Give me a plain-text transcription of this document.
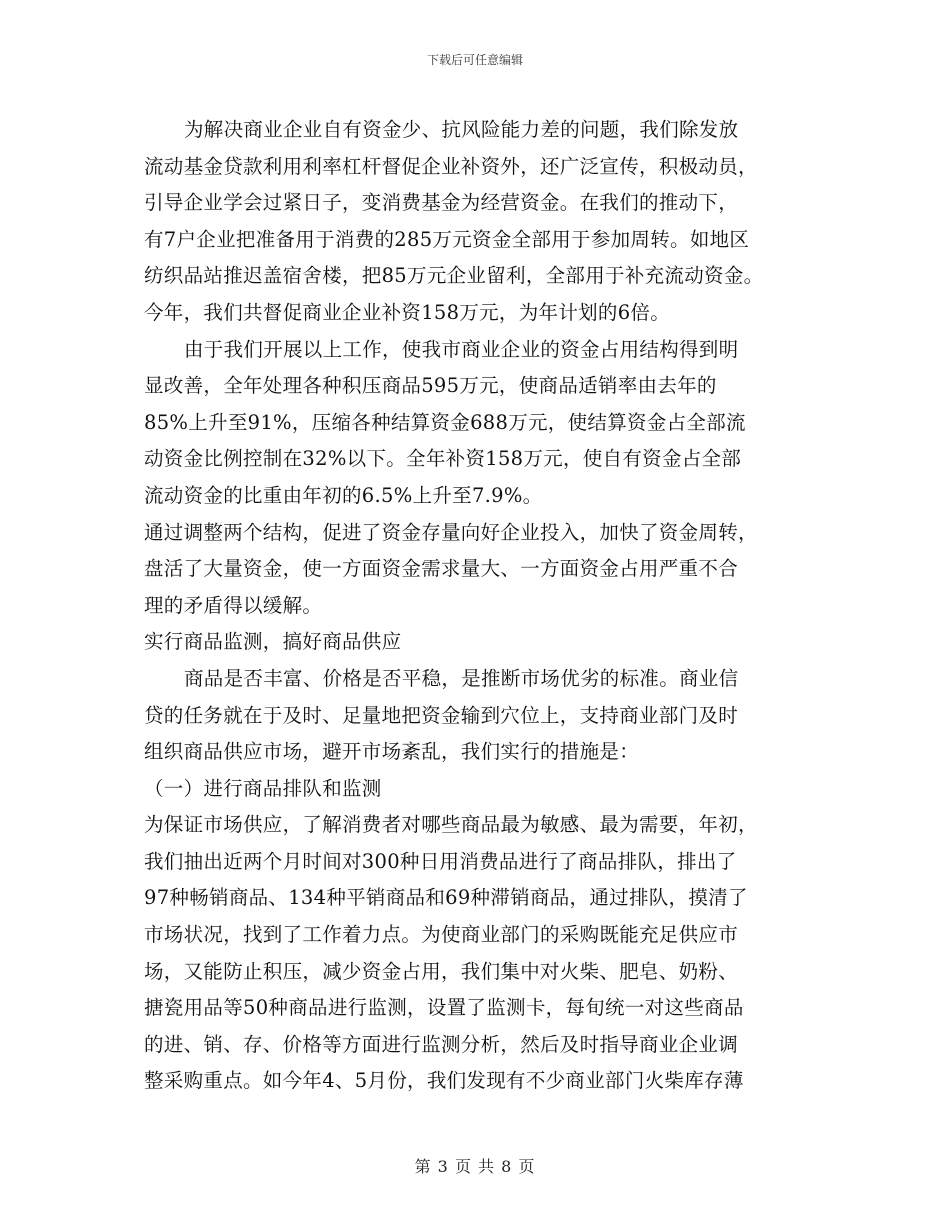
下载后可任意编辑
为解决商业企业自有资金少、抗风险能力差的问题，我们除发放
流动基金贷款利用利率杠杆督促企业补资外，还广泛宣传，积极动员，
引导企业学会过紧日子，变消费基金为经营资金。在我们的推动下，
有7户企业把准备用于消费的285万元资金全部用于参加周转。如地区
纺织品站推迟盖宿舍楼，把85万元企业留利，全部用于补充流动资金。
今年，我们共督促商业企业补资158万元，为年计划的6倍。
由于我们开展以上工作，使我市商业企业的资金占用结构得到明
显改善，全年处理各种积压商品595万元，使商品适销率由去年的
85%上升至91%，压缩各种结算资金688万元，使结算资金占全部流
动资金比例控制在32%以下。全年补资158万元，使自有资金占全部
流动资金的比重由年初的6.5%上升至7.9%。
通过调整两个结构，促进了资金存量向好企业投入，加快了资金周转，
盘活了大量资金，使一方面资金需求量大、一方面资金占用严重不合
理的矛盾得以缓解。
实行商品监测，搞好商品供应
商品是否丰富、价格是否平稳，是推断市场优劣的标准。商业信
贷的任务就在于及时、足量地把资金输到穴位上，支持商业部门及时
组织商品供应市场，避开市场紊乱，我们实行的措施是：
（一）进行商品排队和监测
为保证市场供应，了解消费者对哪些商品最为敏感、最为需要，年初，
我们抽出近两个月时间对300种日用消费品进行了商品排队，排出了
97种畅销商品、134种平销商品和69种滞销商品，通过排队，摸清了
市场状况，找到了工作着力点。为使商业部门的采购既能充足供应市
场，又能防止积压，减少资金占用，我们集中对火柴、肥皂、奶粉、
搪瓷用品等50种商品进行监测，设置了监测卡，每旬统一对这些商品
的进、销、存、价格等方面进行监测分析，然后及时指导商业企业调
整采购重点。如今年4、5月份，我们发现有不少商业部门火柴库存薄
第 3 页 共 8 页
